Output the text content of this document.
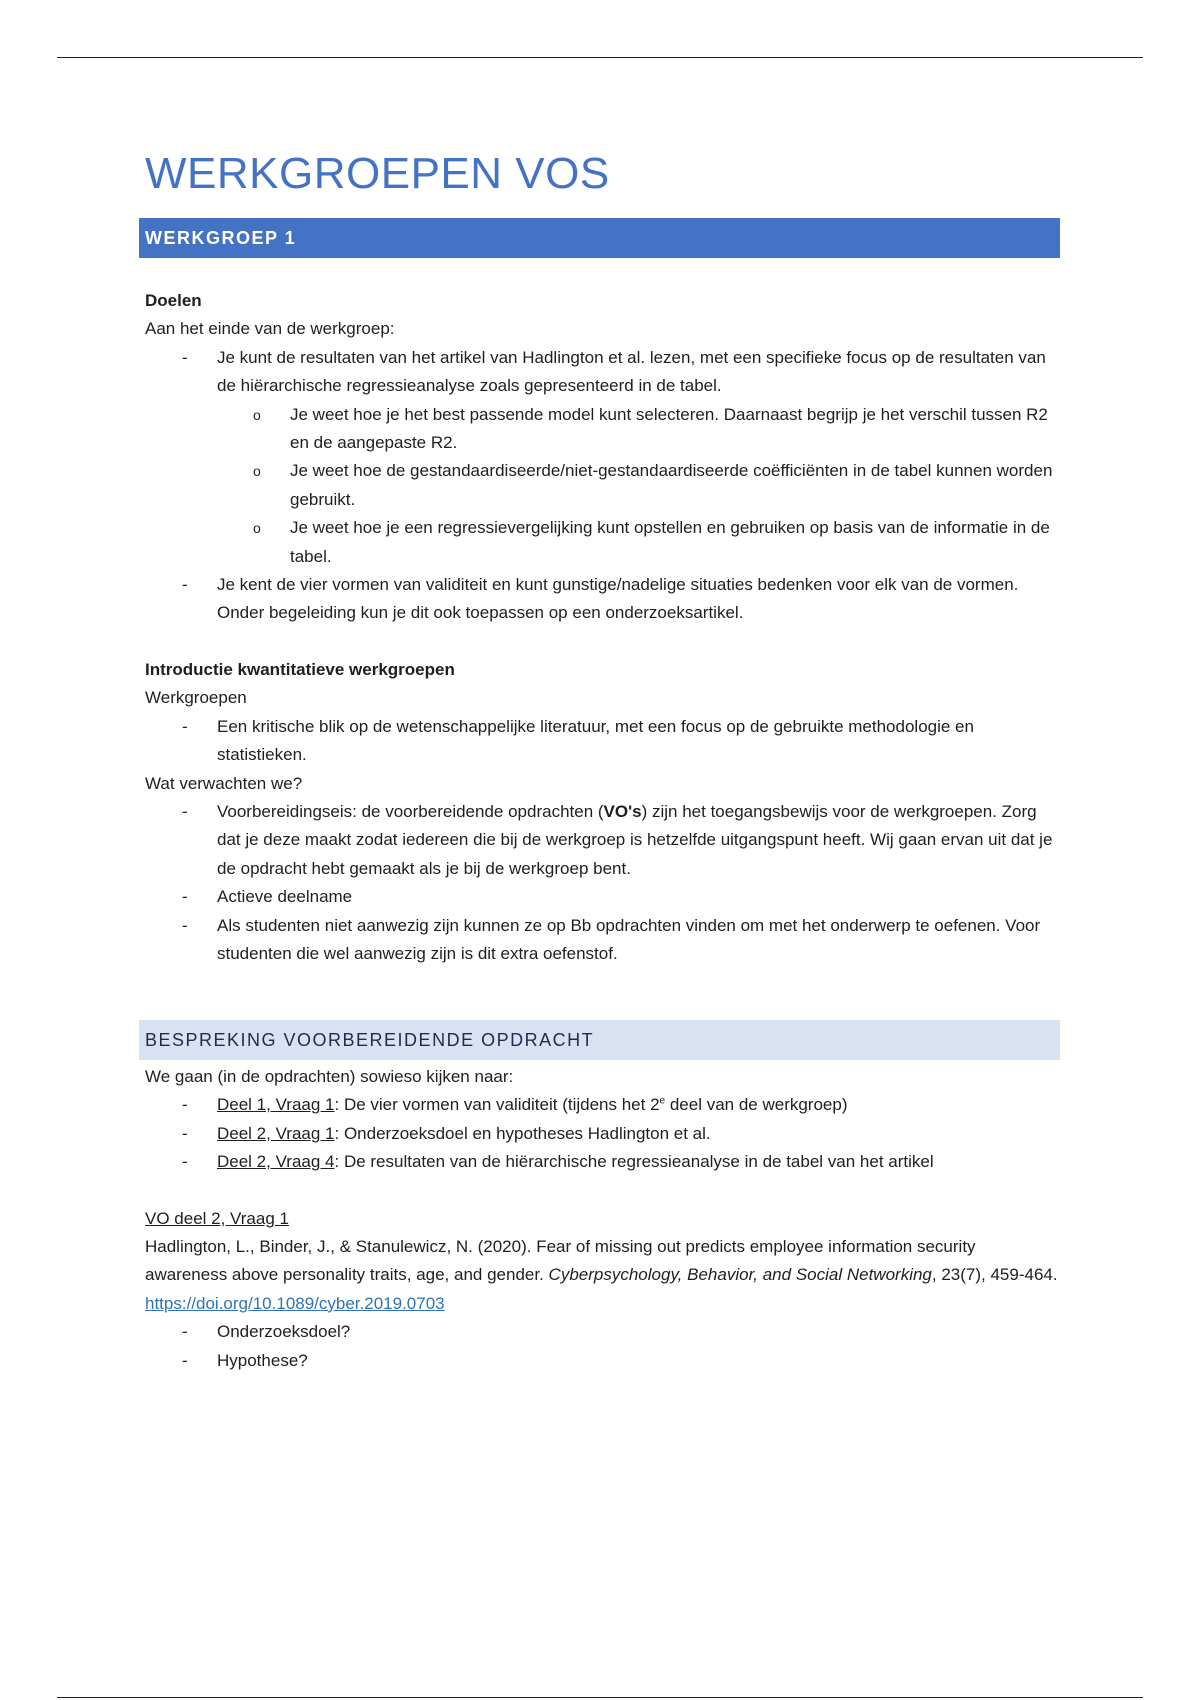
WERKGROEPEN VOS
WERKGROEP 1

Doelen

Aan het einde van de werkgroep:

- Je kunt de resultaten van het artikel van Hadlington et al. lezen, met een specifieke focus op de resultaten van de hiërarchische regressieanalyse zoals gepresenteerd in de tabel.
o Je weet hoe je het best passende model kunt selecteren. Daarnaast begrijp je het verschil tussen R2 en de aangepaste R2.
o Je weet hoe de gestandaardiseerde/niet-gestandaardiseerde coëfficiënten in de tabel kunnen worden gebruikt.
o Je weet hoe je een regressievergelijking kunt opstellen en gebruiken op basis van de informatie in de tabel.
- Je kent de vier vormen van validiteit en kunt gunstige/nadelige situaties bedenken voor elk van de vormen. Onder begeleiding kun je dit ook toepassen op een onderzoeksartikel.

Introductie kwantitatieve werkgroepen

Werkgroepen

- Een kritische blik op de wetenschappelijke literatuur, met een focus op de gebruikte methodologie en statistieken.

Wat verwachten we?

- Voorbereidingseis: de voorbereidende opdrachten (VO's) zijn het toegangsbewijs voor de werkgroepen. Zorg dat je deze maakt zodat iedereen die bij de werkgroep is hetzelfde uitgangspunt heeft. Wij gaan ervan uit dat je de opdracht hebt gemaakt als je bij de werkgroep bent.
- Actieve deelname
- Als studenten niet aanwezig zijn kunnen ze op Bb opdrachten vinden om met het onderwerp te oefenen. Voor studenten die wel aanwezig zijn is dit extra oefenstof.
BESPREKING VOORBEREIDENDE OPDRACHT

We gaan (in de opdrachten) sowieso kijken naar:

- Deel 1, Vraag 1: De vier vormen van validiteit (tijdens het 2e deel van de werkgroep)
- Deel 2, Vraag 1: Onderzoeksdoel en hypotheses Hadlington et al.
- Deel 2, Vraag 4: De resultaten van de hiërarchische regressieanalyse in de tabel van het artikel

VO deel 2, Vraag 1

Hadlington, L., Binder, J., & Stanulewicz, N. (2020). Fear of missing out predicts employee information security awareness above personality traits, age, and gender. Cyberpsychology, Behavior, and Social Networking, 23(7), 459-464. https://doi.org/10.1089/cyber.2019.0703

- Onderzoeksdoel?
- Hypothese?
